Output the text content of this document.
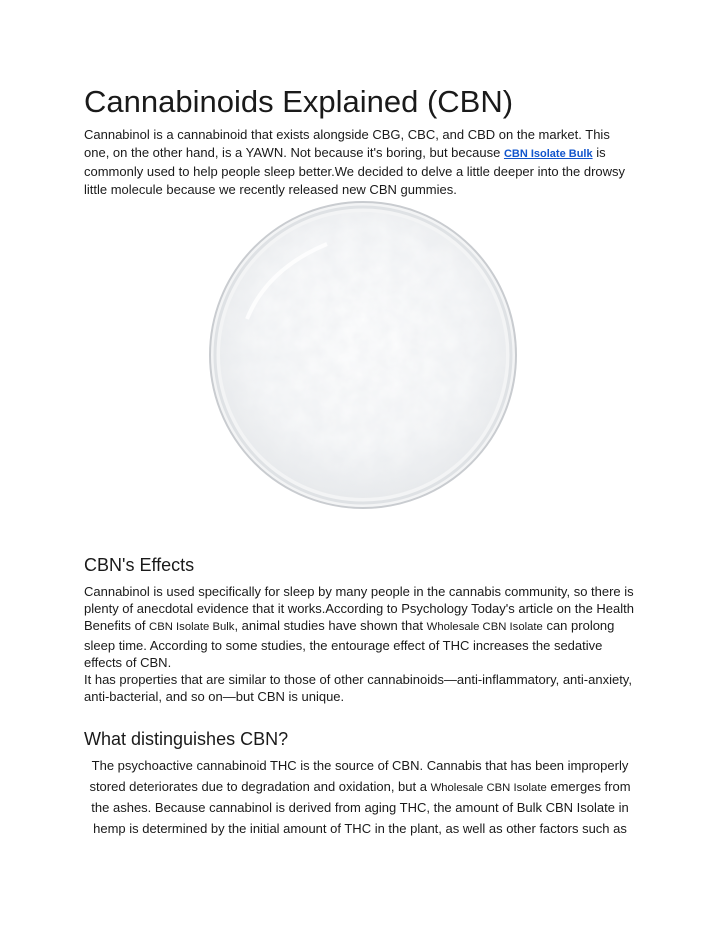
Cannabinoids Explained (CBN)

Cannabinol is a cannabinoid that exists alongside CBG, CBC, and CBD on the market. This one, on the other hand, is a YAWN. Not because it's boring, but because CBN Isolate Bulk is commonly used to help people sleep better.We decided to delve a little deeper into the drowsy little molecule because we recently released new CBN gummies.

CBN's Effects

Cannabinol is used specifically for sleep by many people in the cannabis community, so there is plenty of anecdotal evidence that it works.According to Psychology Today's article on the Health Benefits of CBN Isolate Bulk, animal studies have shown that Wholesale CBN Isolate can prolong sleep time. According to some studies, the entourage effect of THC increases the sedative effects of CBN.
It has properties that are similar to those of other cannabinoids—anti-inflammatory, anti-anxiety, anti-bacterial, and so on—but CBN is unique.

What distinguishes CBN?

The psychoactive cannabinoid THC is the source of CBN. Cannabis that has been improperly stored deteriorates due to degradation and oxidation, but a Wholesale CBN Isolate emerges from the ashes. Because cannabinol is derived from aging THC, the amount of Bulk CBN Isolate in hemp is determined by the initial amount of THC in the plant, as well as other factors such as
